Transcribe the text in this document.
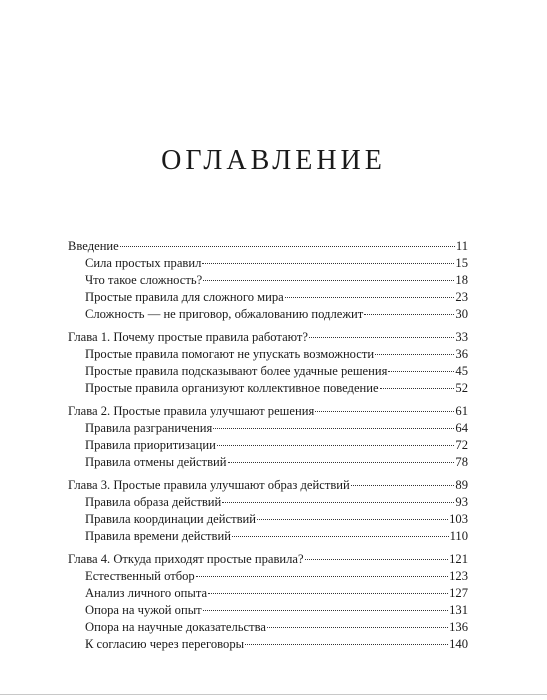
ОГЛАВЛЕНИЕ
Введение	11
Сила простых правил	15
Что такое сложность?	18
Простые правила для сложного мира	23
Сложность — не приговор, обжалованию подлежит	30
Глава 1. Почему простые правила работают?	33
Простые правила помогают не упускать возможности	36
Простые правила подсказывают более удачные решения	45
Простые правила организуют коллективное поведение	52
Глава 2. Простые правила улучшают решения	61
Правила разграничения	64
Правила приоритизации	72
Правила отмены действий	78
Глава 3. Простые правила улучшают образ действий	89
Правила образа действий	93
Правила координации действий	103
Правила времени действий	110
Глава 4. Откуда приходят простые правила?	121
Естественный отбор	123
Анализ личного опыта	127
Опора на чужой опыт	131
Опора на научные доказательства	136
К согласию через переговоры	140
